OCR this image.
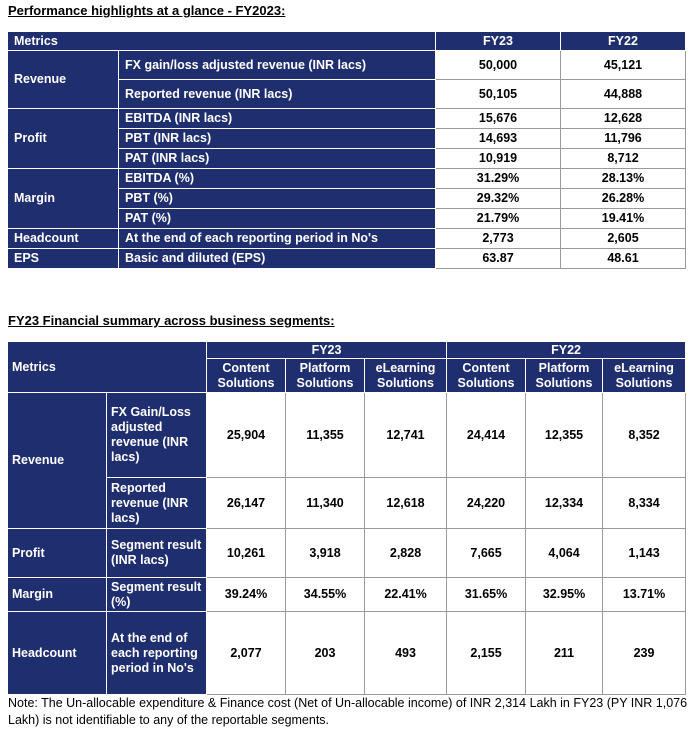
Performance highlights at a glance - FY2023:
Metrics		FY23	FY22
Revenue	FX gain/loss adjusted revenue (INR lacs)	50,000	45,121
	Reported revenue (INR lacs)	50,105	44,888
Profit	EBITDA (INR lacs)	15,676	12,628
	PBT (INR lacs)	14,693	11,796
	PAT (INR lacs)	10,919	8,712
Margin	EBITDA (%)	31.29%	28.13%
	PBT (%)	29.32%	26.28%
	PAT (%)	21.79%	19.41%
Headcount	At the end of each reporting period in No's	2,773	2,605
EPS	Basic and diluted (EPS)	63.87	48.61
FY23 Financial summary across business segments:
Metrics		FY23			FY22		
		Content Solutions	Platform Solutions	eLearning Solutions	Content Solutions	Platform Solutions	eLearning Solutions
Revenue	FX Gain/Loss adjusted revenue (INR lacs)	25,904	11,355	12,741	24,414	12,355	8,352
	Reported revenue (INR lacs)	26,147	11,340	12,618	24,220	12,334	8,334
Profit	Segment result (INR lacs)	10,261	3,918	2,828	7,665	4,064	1,143
Margin	Segment result (%)	39.24%	34.55%	22.41%	31.65%	32.95%	13.71%
Headcount	At the end of each reporting period in No's	2,077	203	493	2,155	211	239
Note: The Un-allocable expenditure & Finance cost (Net of Un-allocable income) of INR 2,314 Lakh in FY23 (PY INR 1,076 Lakh) is not identifiable to any of the reportable segments.
